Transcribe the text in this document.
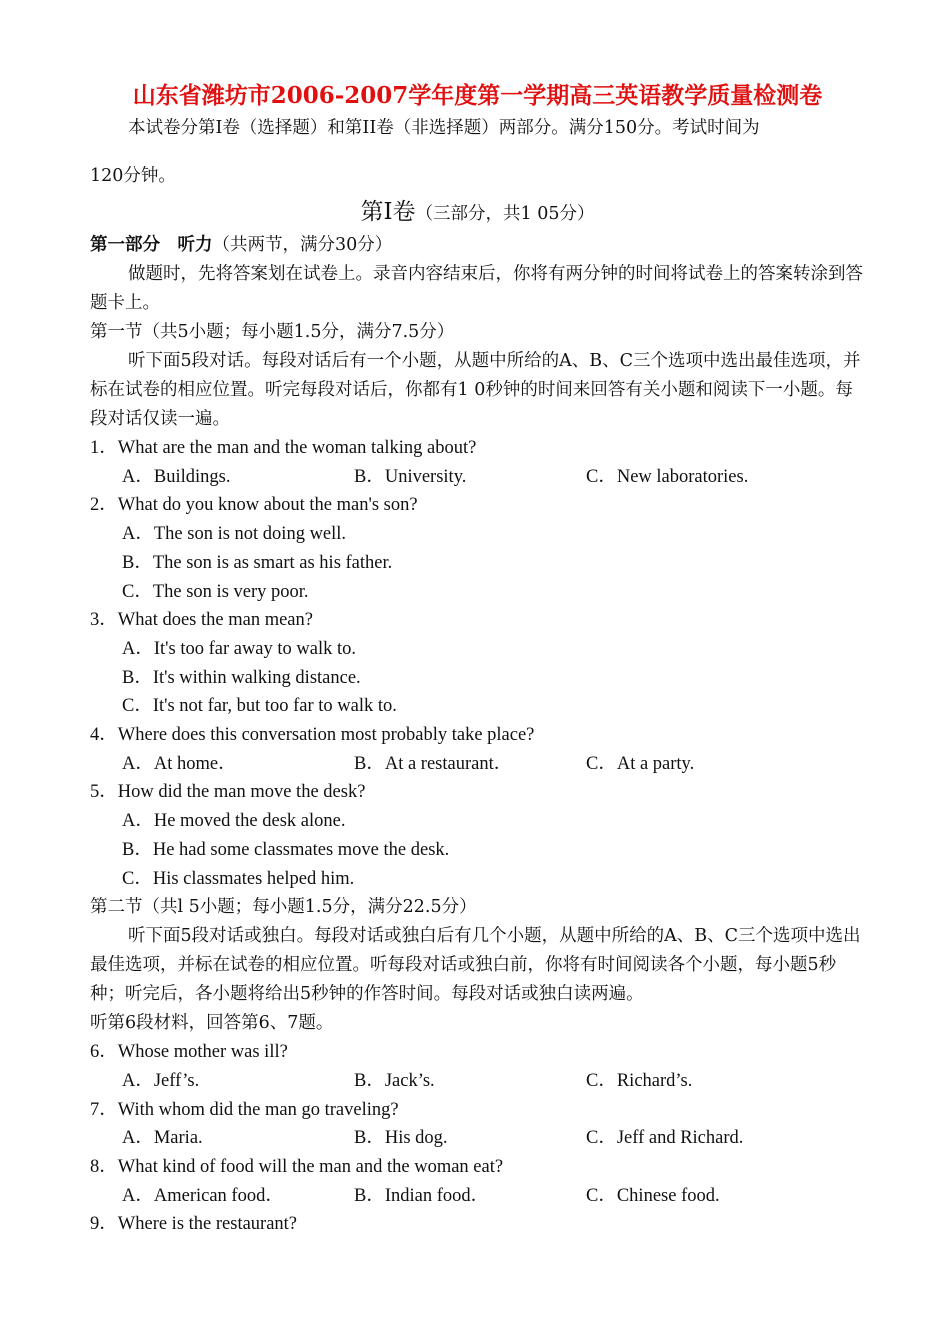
山东省潍坊市2006-2007学年度第一学期高三英语教学质量检测卷
本试卷分第I卷（选择题）和第II卷（非选择题）两部分。满分150分。考试时间为
120分钟。
第Ⅰ卷（三部分，共1 05分）
第一部分　听力（共两节，满分30分）
做题时，先将答案划在试卷上。录音内容结束后，你将有两分钟的时间将试卷上的答案转涂到答题卡上。
第一节（共5小题；每小题1.5分，满分7.5分）
听下面5段对话。每段对话后有一个小题，从题中所给的A、B、C三个选项中选出最佳选项，并标在试卷的相应位置。听完每段对话后，你都有1 0秒钟的时间来回答有关小题和阅读下一小题。每段对话仅读一遍。
1．What are the man and the woman talking about?
A．Buildings.	B．University.	C．New laboratories.
2．What do you know about the man's son?
A．The son is not doing well.
B．The son is as smart as his father.
C．The son is very poor.
3．What does the man mean?
A．It's too far away to walk to.
B．It's within walking distance.
C．It's not far, but too far to walk to.
4．Where does this conversation most probably take place?
A．At home．	B．At a restaurant．	C．At a party.
5．How did the man move the desk?
A．He moved the desk alone.
B．He had some classmates move the desk.
C．His classmates helped him.
第二节（共l 5小题；每小题1.5分，满分22.5分）
听下面5段对话或独白。每段对话或独白后有几个小题，从题中所给的A、B、C三个选项中选出最佳选项，并标在试卷的相应位置。听每段对话或独白前，你将有时间阅读各个小题，每小题5秒种；听完后，各小题将给出5秒钟的作答时间。每段对话或独白读两遍。
听第6段材料，回答第6、7题。
6．Whose mother was ill?
A．Jeff’s.	B．Jack’s.	C．Richard’s.
7．With whom did the man go traveling?
A．Maria.	B．His dog.	C．Jeff and Richard.
8．What kind of food will the man and the woman eat?
A．American food．	B．Indian food．	C．Chinese food.
9．Where is the restaurant?
